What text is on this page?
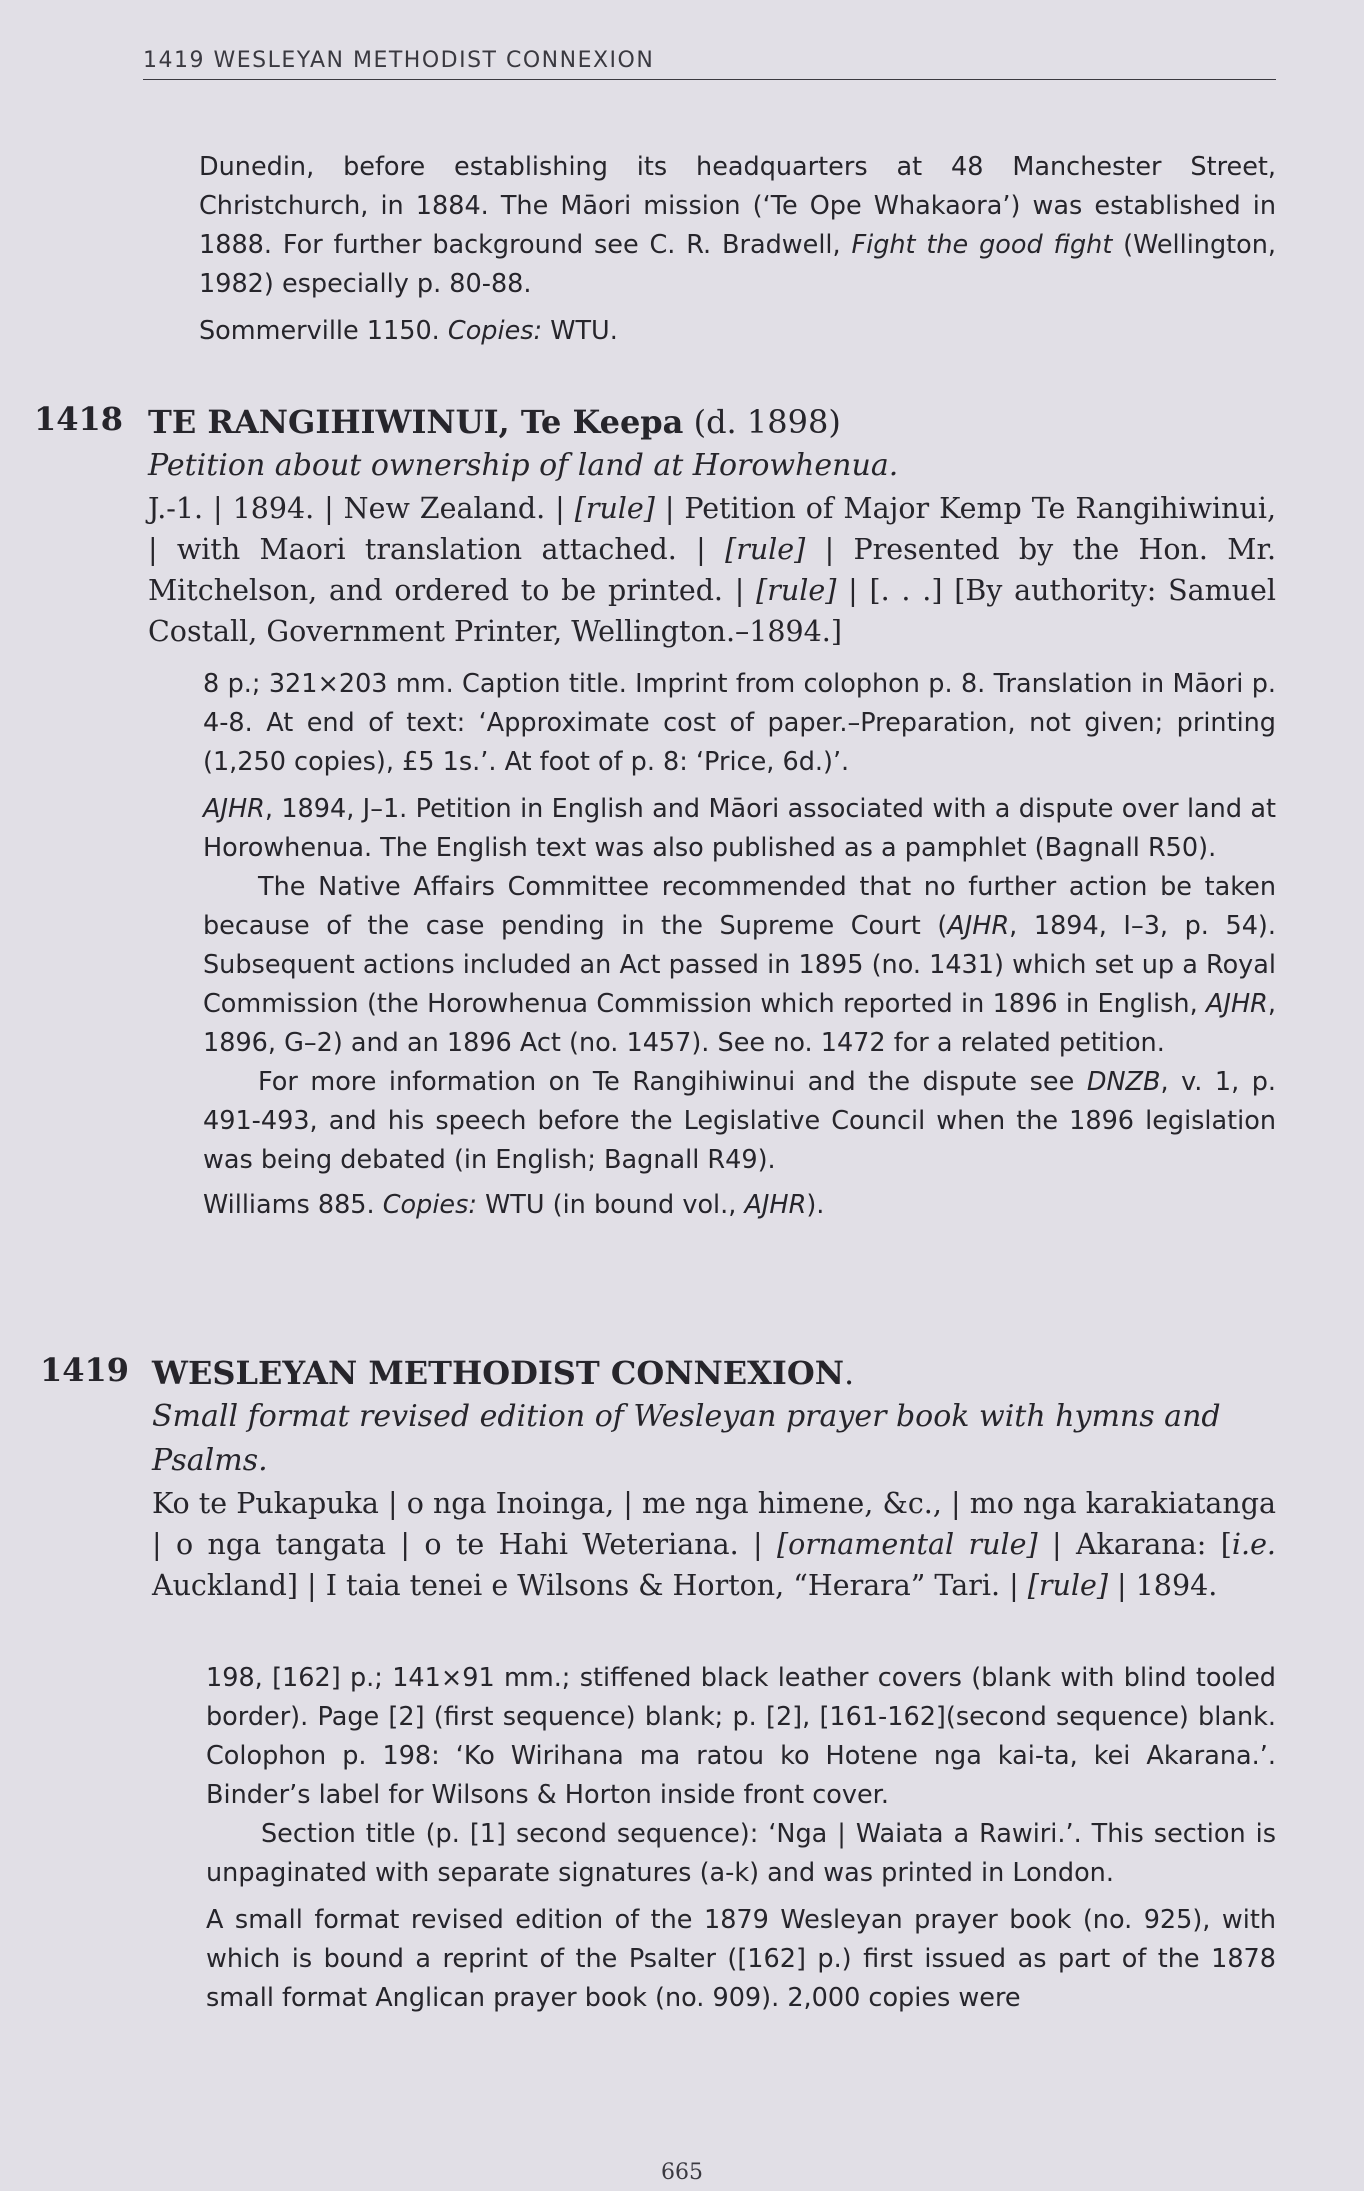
1419 WESLEYAN METHODIST CONNEXION

Dunedin, before establishing its headquarters at 48 Manchester Street, Christchurch, in 1884. The Māori mission (‘Te Ope Whakaora’) was established in 1888. For further background see C. R. Bradwell, Fight the good fight (Wellington, 1982) especially p. 80-88.

Sommerville 1150. Copies: WTU.

1418 TE RANGIHIWINUI, Te Keepa (d. 1898)

Petition about ownership of land at Horowhenua.

J.-1. | 1894. | New Zealand. | [rule] | Petition of Major Kemp Te Rangihiwinui, | with Maori translation attached. | [rule] | Presented by the Hon. Mr. Mitchelson, and ordered to be printed. | [rule] | [. . .] [By authority: Samuel Costall, Government Printer, Wellington.–1894.]

8 p.; 321×203 mm. Caption title. Imprint from colophon p. 8. Translation in Māori p. 4-8. At end of text: ‘Approximate cost of paper.–Preparation, not given; printing (1,250 copies), £5 1s.’. At foot of p. 8: ‘Price, 6d.)’.

AJHR, 1894, J–1. Petition in English and Māori associated with a dispute over land at Horowhenua. The English text was also published as a pamphlet (Bagnall R50).

The Native Affairs Committee recommended that no further action be taken because of the case pending in the Supreme Court (AJHR, 1894, I–3, p. 54). Subsequent actions included an Act passed in 1895 (no. 1431) which set up a Royal Commission (the Horowhenua Commission which reported in 1896 in English, AJHR, 1896, G–2) and an 1896 Act (no. 1457). See no. 1472 for a related petition.

For more information on Te Rangihiwinui and the dispute see DNZB, v. 1, p. 491-493, and his speech before the Legislative Council when the 1896 legislation was being debated (in English; Bagnall R49).

Williams 885. Copies: WTU (in bound vol., AJHR).

1419 WESLEYAN METHODIST CONNEXION.

Small format revised edition of Wesleyan prayer book with hymns and Psalms.

Ko te Pukapuka | o nga Inoinga, | me nga himene, &c., | mo nga karakiatanga | o nga tangata | o te Hahi Weteriana. | [ornamental rule] | Akarana: [i.e. Auckland] | I taia tenei e Wilsons & Horton, “Herara” Tari. | [rule] | 1894.

198, [162] p.; 141×91 mm.; stiffened black leather covers (blank with blind tooled border). Page [2] (first sequence) blank; p. [2], [161-162](second sequence) blank. Colophon p. 198: ‘Ko Wirihana ma ratou ko Hotene nga kai-ta, kei Akarana.’. Binder’s label for Wilsons & Horton inside front cover.

Section title (p. [1] second sequence): ‘Nga | Waiata a Rawiri.’. This section is unpaginated with separate signatures (a-k) and was printed in London.

A small format revised edition of the 1879 Wesleyan prayer book (no. 925), with which is bound a reprint of the Psalter ([162] p.) first issued as part of the 1878 small format Anglican prayer book (no. 909). 2,000 copies were

665
